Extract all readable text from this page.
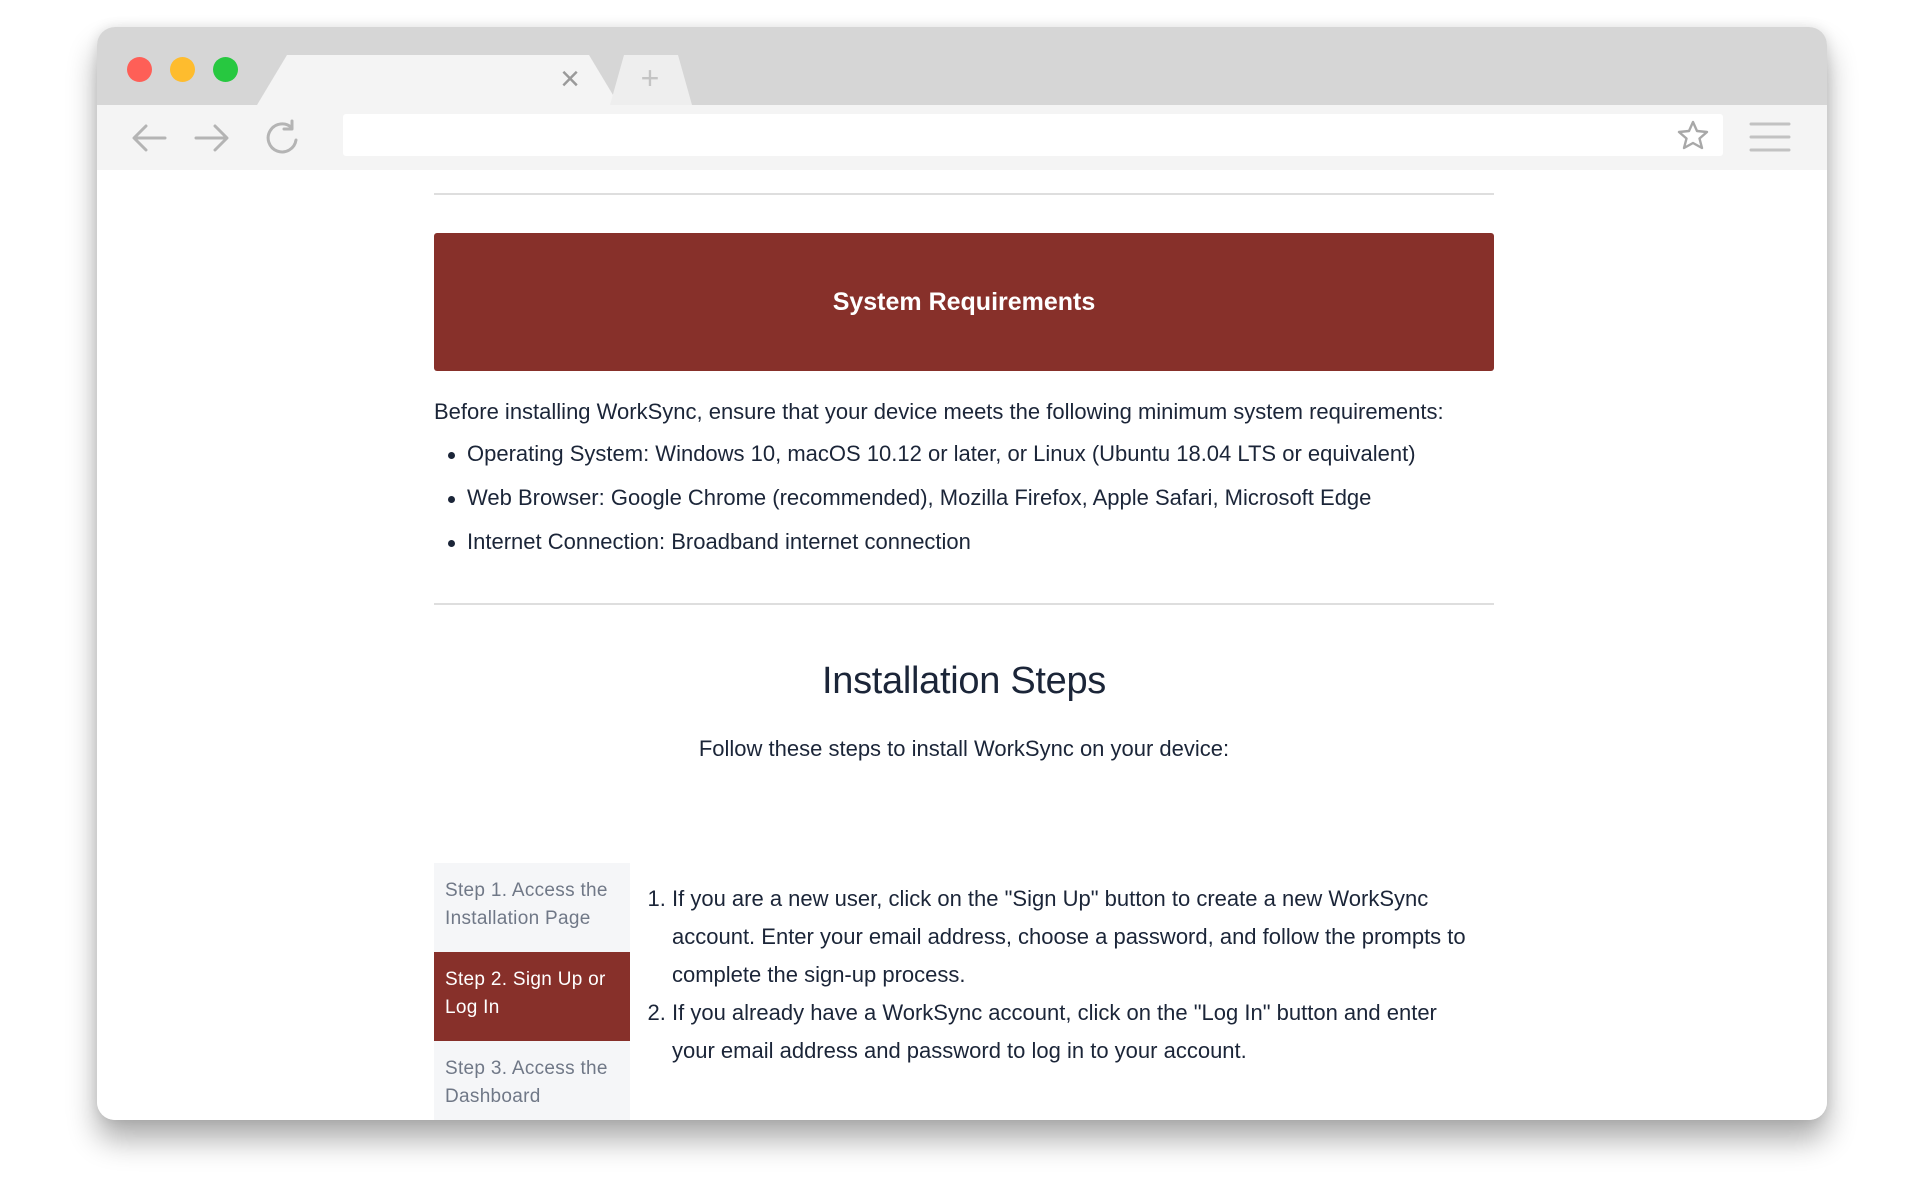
× +
System Requirements
Before installing WorkSync, ensure that your device meets the following minimum system requirements:
Operating System: Windows 10, macOS 10.12 or later, or Linux (Ubuntu 18.04 LTS or equivalent)
Web Browser: Google Chrome (recommended), Mozilla Firefox, Apple Safari, Microsoft Edge
Internet Connection: Broadband internet connection
Installation Steps
Follow these steps to install WorkSync on your device:
Step 1. Access the Installation Page
Step 2. Sign Up or Log In
Step 3. Access the Dashboard
1. If you are a new user, click on the "Sign Up" button to create a new WorkSync account. Enter your email address, choose a password, and follow the prompts to complete the sign-up process.
2. If you already have a WorkSync account, click on the "Log In" button and enter your email address and password to log in to your account.
